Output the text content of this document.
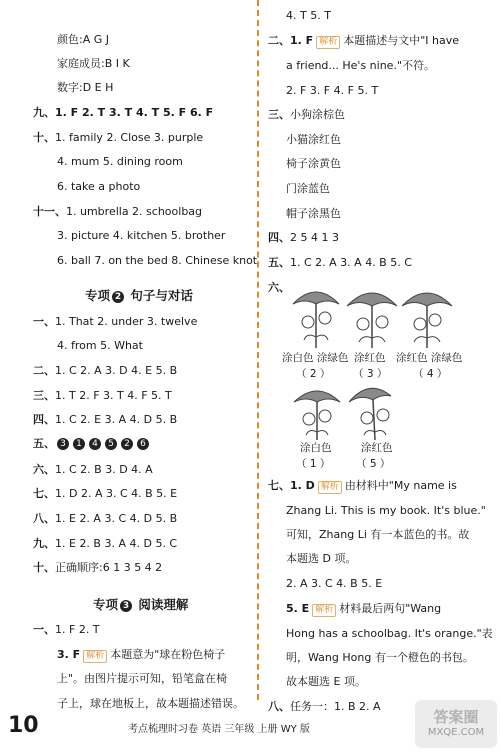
颜色:A G J
家庭成员:B I K
数字:D E H
九、1. F 2. T 3. T 4. T 5. F 6. F
十、1. family 2. Close 3. purple
4. mum 5. dining room
6. take a photo
十一、1. umbrella 2. schoolbag
3. picture 4. kitchen 5. brother
6. ball 7. on the bed 8. Chinese knot
专项 2 句子与对话
一、1. That 2. under 3. twelve
4. from 5. What
二、1. C 2. A 3. D 4. E 5. B
三、1. T 2. F 3. T 4. F 5. T
四、1. C 2. E 3. A 4. D 5. B
五、 3 1 4 5 2 6
六、1. C 2. B 3. D 4. A
七、1. D 2. A 3. C 4. B 5. E
八、1. E 2. A 3. C 4. D 5. B
九、1. E 2. B 3. A 4. D 5. C
十、正确顺序:6 1 3 5 4 2
专项 3 阅读理解
一、1. F 2. T
3. F 解析 本题意为"球在粉色椅子
上"。由图片提示可知，铅笔盒在椅
子上，球在地板上，故本题描述错误。
4. T 5. T
二、1. F 解析 本题描述与文中"I have
a friend... He's nine."不符。
2. F 3. F 4. F 5. T
三、小狗涂棕色
小猫涂红色
椅子涂黄色
门涂蓝色
帽子涂黑色
四、2 5 4 1 3
五、1. C 2. A 3. A 4. B 5. C
六、
涂白色 涂绿色
（ 2 ）
涂红色
（ 3 ）
涂红色 涂绿色
（ 4 ）
涂白色
（ 1 ）
涂红色
（ 5 ）
七、1. D 解析 由材料中"My name is
Zhang Li. This is my book. It's blue."
可知，Zhang Li 有一本蓝色的书。故
本题选 D 项。
2. A 3. C 4. B 5. E
5. E 解析 材料最后两句"Wang
Hong has a schoolbag. It's orange."表
明，Wang Hong 有一个橙色的书包。
故本题选 E 项。
八、任务一：1. B 2. A
10	考点梳理时习卷 英语 三年级 上册 WY 版
答案圈
MXQE.COM
